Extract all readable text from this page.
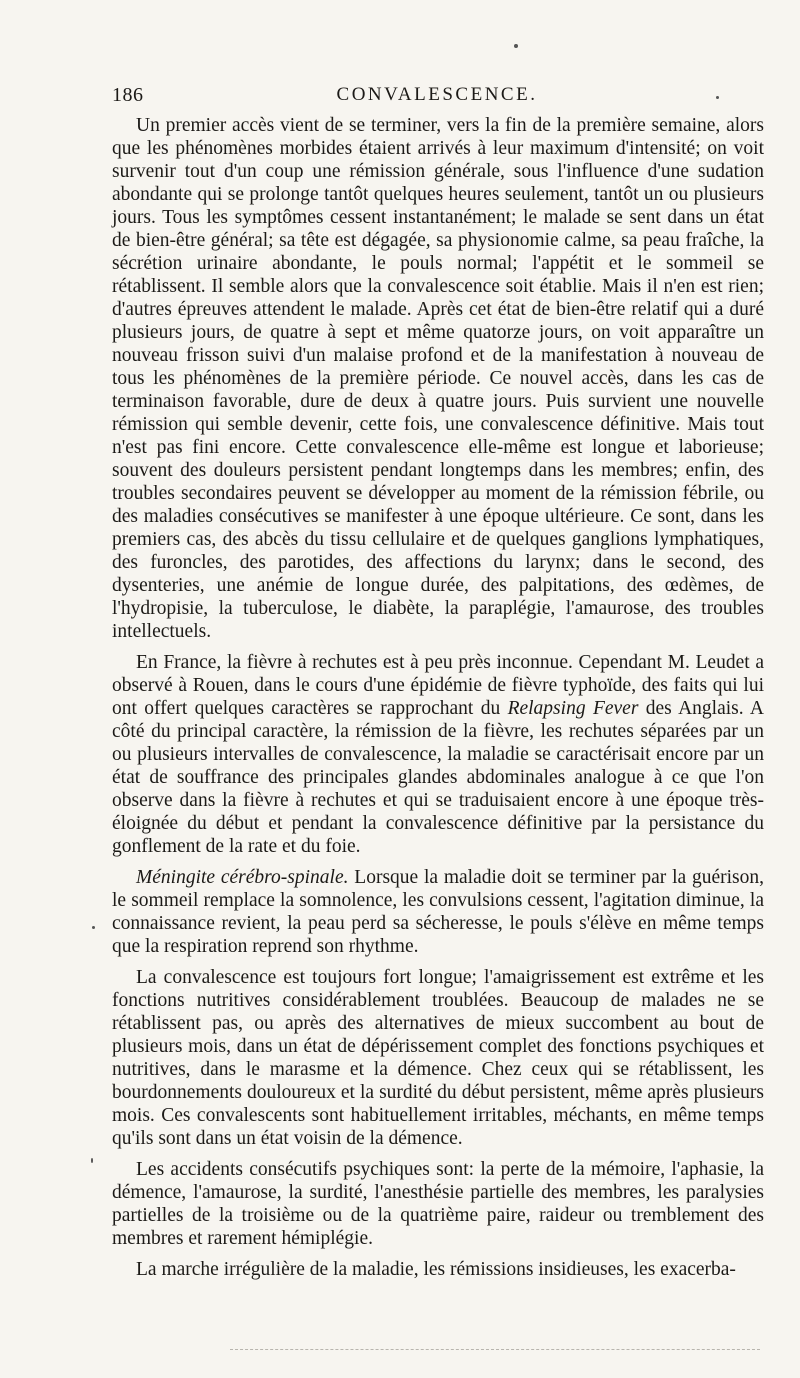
186	CONVALESCENCE.

Un premier accès vient de se terminer, vers la fin de la première semaine, alors que les phénomènes morbides étaient arrivés à leur maximum d'intensité; on voit survenir tout d'un coup une rémission générale, sous l'influence d'une sudation abondante qui se prolonge tantôt quelques heures seulement, tantôt un ou plusieurs jours. Tous les symptômes cessent instantanément; le malade se sent dans un état de bien-être général; sa tête est dégagée, sa physionomie calme, sa peau fraîche, la sécrétion urinaire abondante, le pouls normal; l'appétit et le sommeil se rétablissent. Il semble alors que la convalescence soit établie. Mais il n'en est rien; d'autres épreuves attendent le malade. Après cet état de bien-être relatif qui a duré plusieurs jours, de quatre à sept et même quatorze jours, on voit apparaître un nouveau frisson suivi d'un malaise profond et de la manifestation à nouveau de tous les phénomènes de la première période. Ce nouvel accès, dans les cas de terminaison favorable, dure de deux à quatre jours. Puis survient une nouvelle rémission qui semble devenir, cette fois, une convalescence définitive. Mais tout n'est pas fini encore. Cette convalescence elle-même est longue et laborieuse; souvent des douleurs persistent pendant longtemps dans les membres; enfin, des troubles secondaires peuvent se développer au moment de la rémission fébrile, ou des maladies consécutives se manifester à une époque ultérieure. Ce sont, dans les premiers cas, des abcès du tissu cellulaire et de quelques ganglions lymphatiques, des furoncles, des parotides, des affections du larynx; dans le second, des dysenteries, une anémie de longue durée, des palpitations, des œdèmes, de l'hydropisie, la tuberculose, le diabète, la paraplégie, l'amaurose, des troubles intellectuels.

En France, la fièvre à rechutes est à peu près inconnue. Cependant M. Leudet a observé à Rouen, dans le cours d'une épidémie de fièvre typhoïde, des faits qui lui ont offert quelques caractères se rapprochant du Relapsing Fever des Anglais. A côté du principal caractère, la rémission de la fièvre, les rechutes séparées par un ou plusieurs intervalles de convalescence, la maladie se caractérisait encore par un état de souffrance des principales glandes abdominales analogue à ce que l'on observe dans la fièvre à rechutes et qui se traduisaient encore à une époque très-éloignée du début et pendant la convalescence définitive par la persistance du gonflement de la rate et du foie.

Méningite cérébro-spinale. Lorsque la maladie doit se terminer par la guérison, le sommeil remplace la somnolence, les convulsions cessent, l'agitation diminue, la connaissance revient, la peau perd sa sécheresse, le pouls s'élève en même temps que la respiration reprend son rhythme.

La convalescence est toujours fort longue; l'amaigrissement est extrême et les fonctions nutritives considérablement troublées. Beaucoup de malades ne se rétablissent pas, ou après des alternatives de mieux succombent au bout de plusieurs mois, dans un état de dépérissement complet des fonctions psychiques et nutritives, dans le marasme et la démence. Chez ceux qui se rétablissent, les bourdonnements douloureux et la surdité du début persistent, même après plusieurs mois. Ces convalescents sont habituellement irritables, méchants, en même temps qu'ils sont dans un état voisin de la démence.

Les accidents consécutifs psychiques sont: la perte de la mémoire, l'aphasie, la démence, l'amaurose, la surdité, l'anesthésie partielle des membres, les paralysies partielles de la troisième ou de la quatrième paire, raideur ou tremblement des membres et rarement hémiplégie.

La marche irrégulière de la maladie, les rémissions insidieuses, les exacerba-
